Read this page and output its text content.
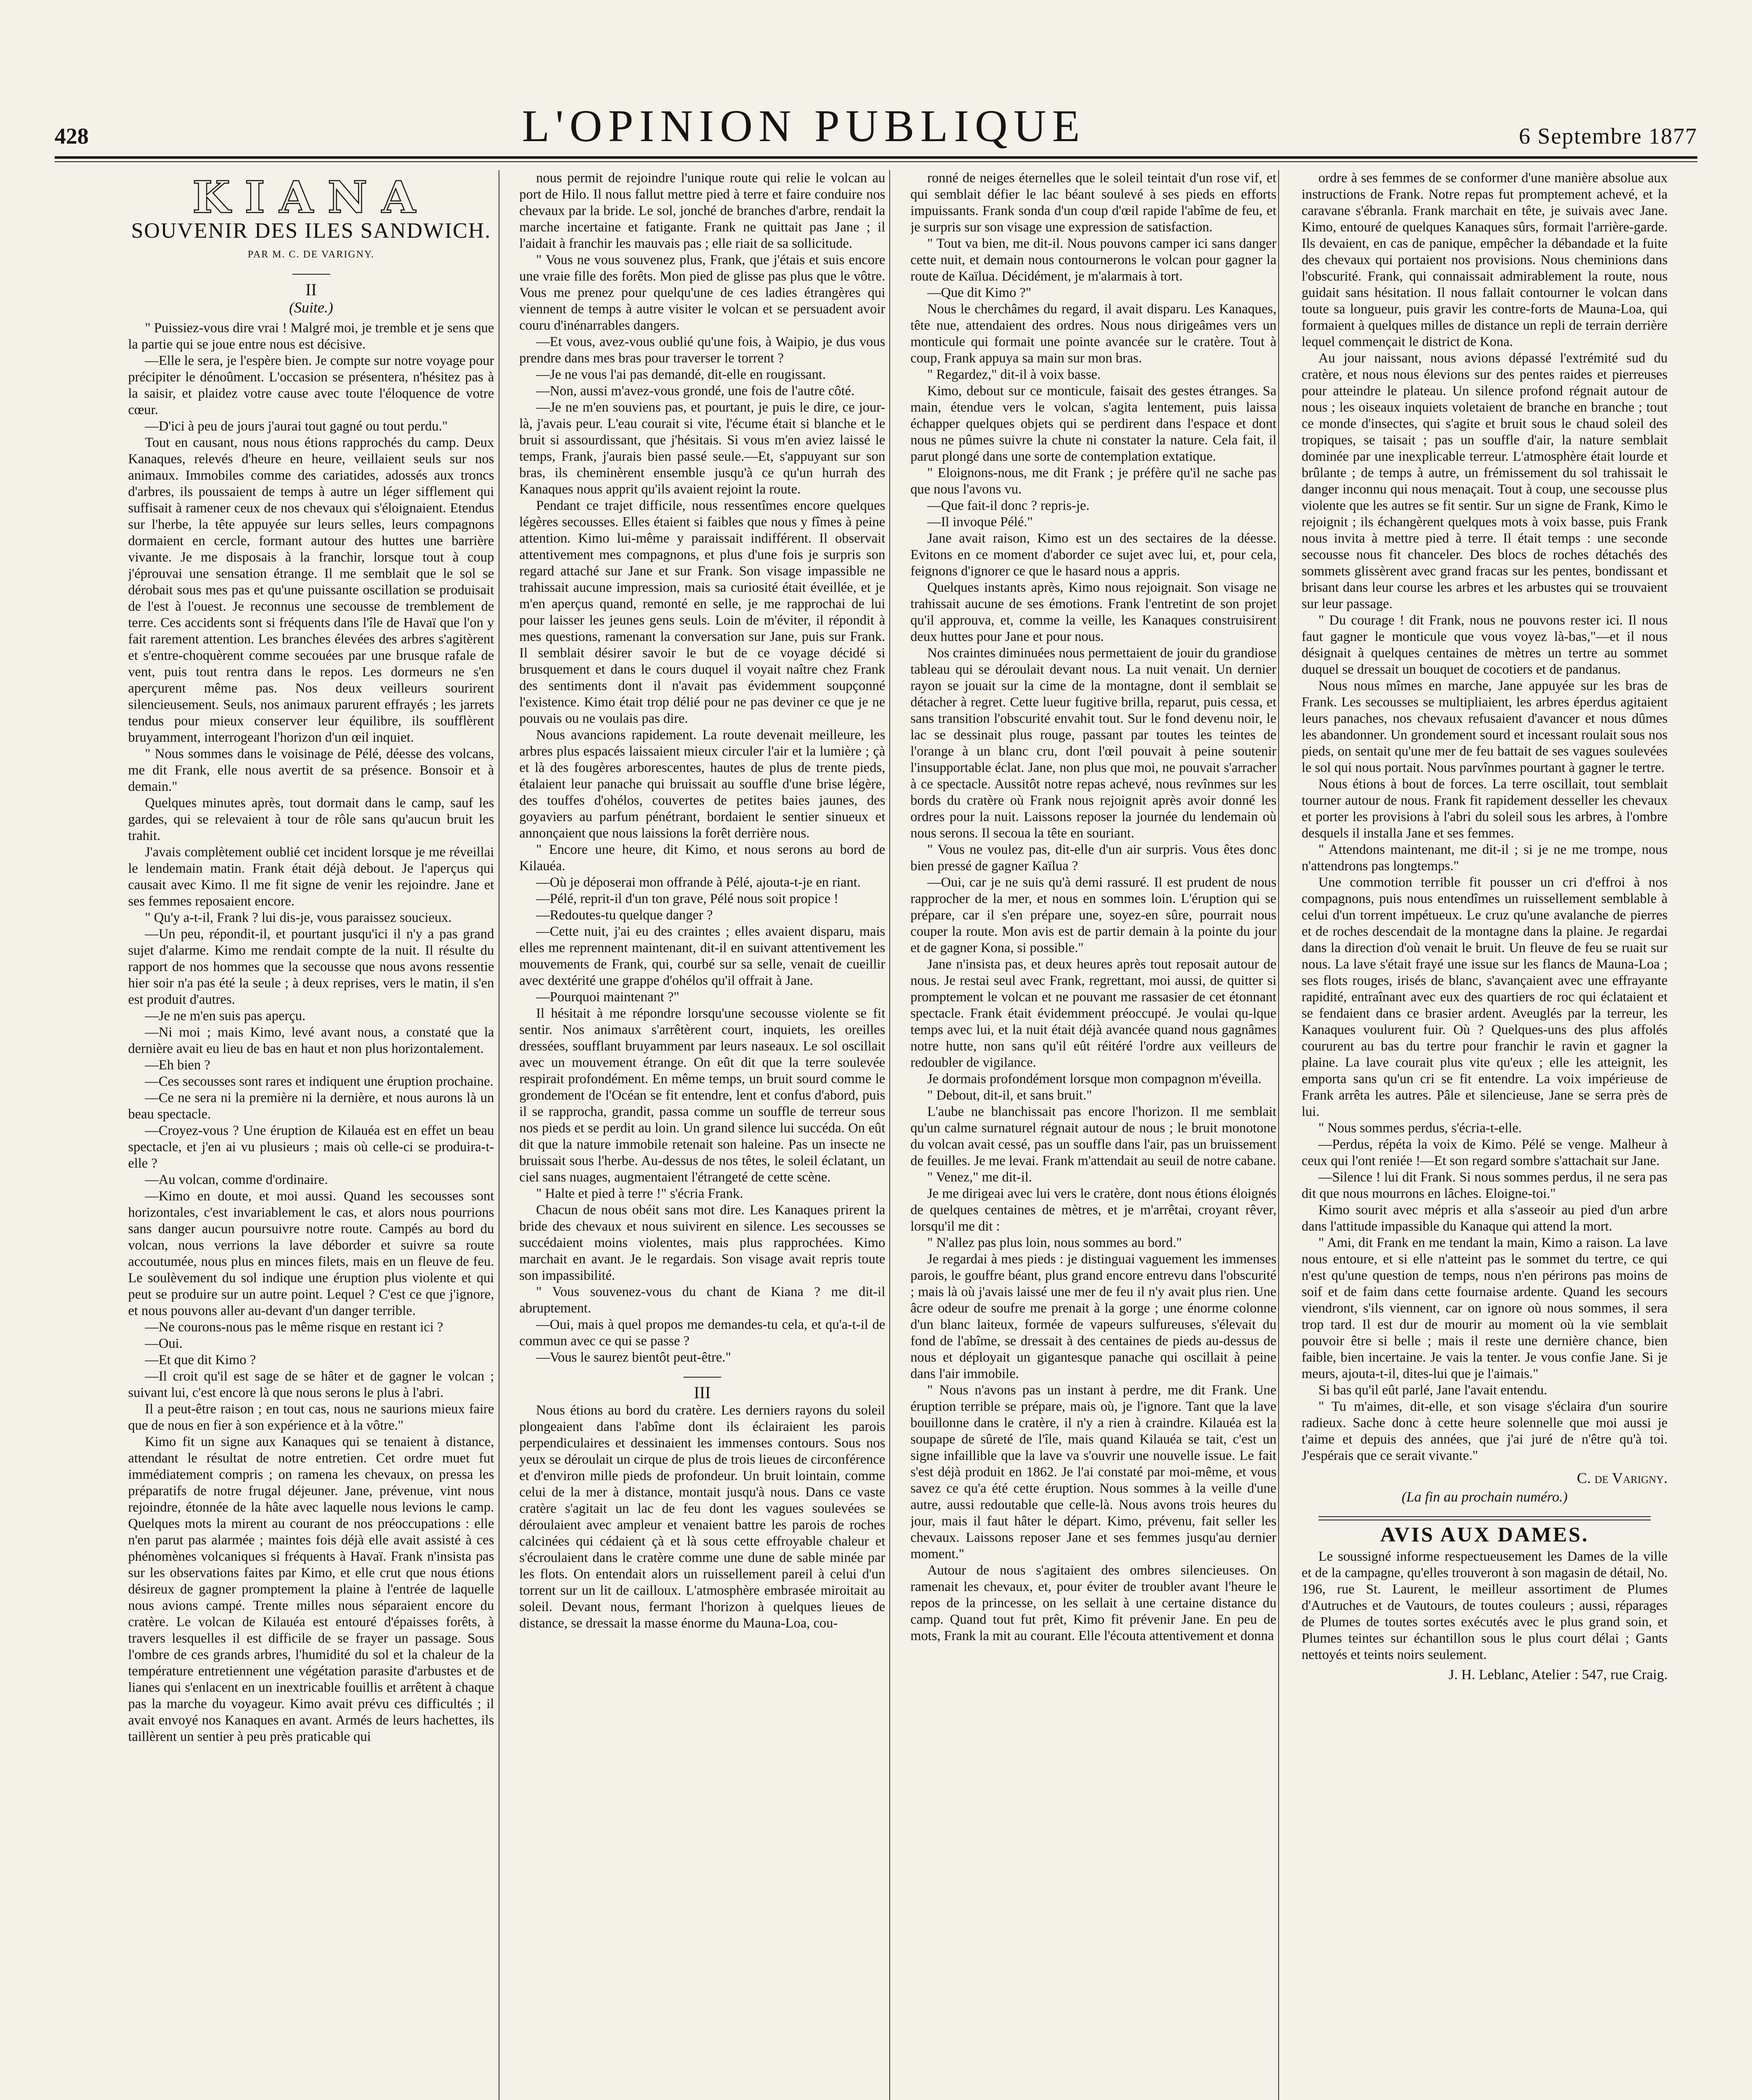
428	L'OPINION PUBLIQUE	6 Septembre 1877
KIANA
SOUVENIR DES ILES SANDWICH.
PAR M. C. DE VARIGNY.
II
(Suite.)

" Puissiez-vous dire vrai ! Malgré moi, je tremble et je sens que la partie qui se joue entre nous est décisive.

—Elle le sera, je l'espère bien. Je compte sur notre voyage pour précipiter le dénoûment. L'occasion se présentera, n'hésitez pas à la saisir, et plaidez votre cause avec toute l'éloquence de votre cœur.

—D'ici à peu de jours j'aurai tout gagné ou tout perdu."

Tout en causant, nous nous étions rapprochés du camp. Deux Kanaques, relevés d'heure en heure, veillaient seuls sur nos animaux. Immobiles comme des cariatides, adossés aux troncs d'arbres, ils poussaient de temps à autre un léger sifflement qui suffisait à ramener ceux de nos chevaux qui s'éloignaient. Etendus sur l'herbe, la tête appuyée sur leurs selles, leurs compagnons dormaient en cercle, formant autour des huttes une barrière vivante. Je me disposais à la franchir, lorsque tout à coup j'éprouvai une sensation étrange. Il me semblait que le sol se dérobait sous mes pas et qu'une puissante oscillation se produisait de l'est à l'ouest. Je reconnus une secousse de tremblement de terre. Ces accidents sont si fréquents dans l'île de Havaï que l'on y fait rarement attention. Les branches élevées des arbres s'agitèrent et s'entre-choquèrent comme secouées par une brusque rafale de vent, puis tout rentra dans le repos. Les dormeurs ne s'en aperçurent même pas. Nos deux veilleurs sourirent silencieusement. Seuls, nos animaux parurent effrayés ; les jarrets tendus pour mieux conserver leur équilibre, ils soufflèrent bruyamment, interrogeant l'horizon d'un œil inquiet.

" Nous sommes dans le voisinage de Pélé, déesse des volcans, me dit Frank, elle nous avertit de sa présence. Bonsoir et à demain."

Quelques minutes après, tout dormait dans le camp, sauf les gardes, qui se relevaient à tour de rôle sans qu'aucun bruit les trahit.

J'avais complètement oublié cet incident lorsque je me réveillai le lendemain matin. Frank était déjà debout. Je l'aperçus qui causait avec Kimo. Il me fit signe de venir les rejoindre. Jane et ses femmes reposaient encore.

" Qu'y a-t-il, Frank ? lui dis-je, vous paraissez soucieux.

—Un peu, répondit-il, et pourtant jusqu'ici il n'y a pas grand sujet d'alarme. Kimo me rendait compte de la nuit. Il résulte du rapport de nos hommes que la secousse que nous avons ressentie hier soir n'a pas été la seule ; à deux reprises, vers le matin, il s'en est produit d'autres.

—Je ne m'en suis pas aperçu.

—Ni moi ; mais Kimo, levé avant nous, a constaté que la dernière avait eu lieu de bas en haut et non plus horizontalement.

—Eh bien ?

—Ces secousses sont rares et indiquent une éruption prochaine.

—Ce ne sera ni la première ni la dernière, et nous aurons là un beau spectacle.

—Croyez-vous ? Une éruption de Kilauéa est en effet un beau spectacle, et j'en ai vu plusieurs ; mais où celle-ci se produira-t-elle ?

—Au volcan, comme d'ordinaire.

—Kimo en doute, et moi aussi. Quand les secousses sont horizontales, c'est invariablement le cas, et alors nous pourrions sans danger aucun poursuivre notre route. Campés au bord du volcan, nous verrions la lave déborder et suivre sa route accoutumée, nous plus en minces filets, mais en un fleuve de feu. Le soulèvement du sol indique une éruption plus violente et qui peut se produire sur un autre point. Lequel ? C'est ce que j'ignore, et nous pouvons aller au-devant d'un danger terrible.

—Ne courons-nous pas le même risque en restant ici ?

—Oui.

—Et que dit Kimo ?

—Il croit qu'il est sage de se hâter et de gagner le volcan ; suivant lui, c'est encore là que nous serons le plus à l'abri.

Il a peut-être raison ; en tout cas, nous ne saurions mieux faire que de nous en fier à son expérience et à la vôtre."

Kimo fit un signe aux Kanaques qui se tenaient à distance, attendant le résultat de notre entretien. Cet ordre muet fut immédiatement compris ; on ramena les chevaux, on pressa les préparatifs de notre frugal déjeuner. Jane, prévenue, vint nous rejoindre, étonnée de la hâte avec laquelle nous levions le camp. Quelques mots la mirent au courant de nos préoccupations : elle n'en parut pas alarmée ; maintes fois déjà elle avait assisté à ces phénomènes volcaniques si fréquents à Havaï. Frank n'insista pas sur les observations faites par Kimo, et elle crut que nous étions désireux de gagner promptement la plaine à l'entrée de laquelle nous avions campé. Trente milles nous séparaient encore du cratère. Le volcan de Kilauéa est entouré d'épaisses forêts, à travers lesquelles il est difficile de se frayer un passage. Sous l'ombre de ces grands arbres, l'humidité du sol et la chaleur de la température entretiennent une végétation parasite d'arbustes et de lianes qui s'enlacent en un inextricable fouillis et arrêtent à chaque pas la marche du voyageur. Kimo avait prévu ces difficultés ; il avait envoyé nos Kanaques en avant. Armés de leurs hachettes, ils taillèrent un sentier à peu près praticable qui

nous permit de rejoindre l'unique route qui relie le volcan au port de Hilo. Il nous fallut mettre pied à terre et faire conduire nos chevaux par la bride. Le sol, jonché de branches d'arbre, rendait la marche incertaine et fatigante. Frank ne quittait pas Jane ; il l'aidait à franchir les mauvais pas ; elle riait de sa sollicitude.

" Vous ne vous souvenez plus, Frank, que j'étais et suis encore une vraie fille des forêts. Mon pied de glisse pas plus que le vôtre. Vous me prenez pour quelqu'une de ces ladies étrangères qui viennent de temps à autre visiter le volcan et se persuadent avoir couru d'inénarrables dangers.

—Et vous, avez-vous oublié qu'une fois, à Waipio, je dus vous prendre dans mes bras pour traverser le torrent ?

—Je ne vous l'ai pas demandé, dit-elle en rougissant.

—Non, aussi m'avez-vous grondé, une fois de l'autre côté.

—Je ne m'en souviens pas, et pourtant, je puis le dire, ce jour-là, j'avais peur. L'eau courait si vite, l'écume était si blanche et le bruit si assourdissant, que j'hésitais. Si vous m'en aviez laissé le temps, Frank, j'aurais bien passé seule.—Et, s'appuyant sur son bras, ils cheminèrent ensemble jusqu'à ce qu'un hurrah des Kanaques nous apprit qu'ils avaient rejoint la route.

Pendant ce trajet difficile, nous ressentîmes encore quelques légères secousses. Elles étaient si faibles que nous y fîmes à peine attention. Kimo lui-même y paraissait indifférent. Il observait attentivement mes compagnons, et plus d'une fois je surpris son regard attaché sur Jane et sur Frank. Son visage impassible ne trahissait aucune impression, mais sa curiosité était éveillée, et je m'en aperçus quand, remonté en selle, je me rapprochai de lui pour laisser les jeunes gens seuls. Loin de m'éviter, il répondit à mes questions, ramenant la conversation sur Jane, puis sur Frank. Il semblait désirer savoir le but de ce voyage décidé si brusquement et dans le cours duquel il voyait naître chez Frank des sentiments dont il n'avait pas évidemment soupçonné l'existence. Kimo était trop délié pour ne pas deviner ce que je ne pouvais ou ne voulais pas dire.

Nous avancions rapidement. La route devenait meilleure, les arbres plus espacés laissaient mieux circuler l'air et la lumière ; çà et là des fougères arborescentes, hautes de plus de trente pieds, étalaient leur panache qui bruissait au souffle d'une brise légère, des touffes d'ohélos, couvertes de petites baies jaunes, des goyaviers au parfum pénétrant, bordaient le sentier sinueux et annonçaient que nous laissions la forêt derrière nous.

" Encore une heure, dit Kimo, et nous serons au bord de Kilauéa.

—Où je déposerai mon offrande à Pélé, ajouta-t-je en riant.

—Pélé, reprit-il d'un ton grave, Pélé nous soit propice !

—Redoutes-tu quelque danger ?

—Cette nuit, j'ai eu des craintes ; elles avaient disparu, mais elles me reprennent maintenant, dit-il en suivant attentivement les mouvements de Frank, qui, courbé sur sa selle, venait de cueillir avec dextérité une grappe d'ohélos qu'il offrait à Jane.

—Pourquoi maintenant ?"

Il hésitait à me répondre lorsqu'une secousse violente se fit sentir. Nos animaux s'arrêtèrent court, inquiets, les oreilles dressées, soufflant bruyamment par leurs naseaux. Le sol oscillait avec un mouvement étrange. On eût dit que la terre soulevée respirait profondément. En même temps, un bruit sourd comme le grondement de l'Océan se fit entendre, lent et confus d'abord, puis il se rapprocha, grandit, passa comme un souffle de terreur sous nos pieds et se perdit au loin. Un grand silence lui succéda. On eût dit que la nature immobile retenait son haleine. Pas un insecte ne bruissait sous l'herbe. Au-dessus de nos têtes, le soleil éclatant, un ciel sans nuages, augmentaient l'étrangeté de cette scène.

" Halte et pied à terre !" s'écria Frank.

Chacun de nous obéit sans mot dire. Les Kanaques prirent la bride des chevaux et nous suivirent en silence. Les secousses se succédaient moins violentes, mais plus rapprochées. Kimo marchait en avant. Je le regardais. Son visage avait repris toute son impassibilité.

" Vous souvenez-vous du chant de Kiana ? me dit-il abruptement.

—Oui, mais à quel propos me demandes-tu cela, et qu'a-t-il de commun avec ce qui se passe ?

—Vous le saurez bientôt peut-être."

III

Nous étions au bord du cratère. Les derniers rayons du soleil plongeaient dans l'abîme dont ils éclairaient les parois perpendiculaires et dessinaient les immenses contours. Sous nos yeux se déroulait un cirque de plus de trois lieues de circonférence et d'environ mille pieds de profondeur. Un bruit lointain, comme celui de la mer à distance, montait jusqu'à nous. Dans ce vaste cratère s'agitait un lac de feu dont les vagues soulevées se déroulaient avec ampleur et venaient battre les parois de roches calcinées qui cédaient çà et là sous cette effroyable chaleur et s'écroulaient dans le cratère comme une dune de sable minée par les flots. On entendait alors un ruissellement pareil à celui d'un torrent sur un lit de cailloux. L'atmosphère embrasée miroitait au soleil. Devant nous, fermant l'horizon à quelques lieues de distance, se dressait la masse énorme du Mauna-Loa, cou-

ronné de neiges éternelles que le soleil teintait d'un rose vif, et qui semblait défier le lac béant soulevé à ses pieds en efforts impuissants. Frank sonda d'un coup d'œil rapide l'abîme de feu, et je surpris sur son visage une expression de satisfaction.

" Tout va bien, me dit-il. Nous pouvons camper ici sans danger cette nuit, et demain nous contournerons le volcan pour gagner la route de Kaïlua. Décidément, je m'alarmais à tort.

—Que dit Kimo ?"

Nous le cherchâmes du regard, il avait disparu. Les Kanaques, tête nue, attendaient des ordres. Nous nous dirigeâmes vers un monticule qui formait une pointe avancée sur le cratère. Tout à coup, Frank appuya sa main sur mon bras.

" Regardez," dit-il à voix basse.

Kimo, debout sur ce monticule, faisait des gestes étranges. Sa main, étendue vers le volcan, s'agita lentement, puis laissa échapper quelques objets qui se perdirent dans l'espace et dont nous ne pûmes suivre la chute ni constater la nature. Cela fait, il parut plongé dans une sorte de contemplation extatique.

" Eloignons-nous, me dit Frank ; je préfère qu'il ne sache pas que nous l'avons vu.

—Que fait-il donc ? repris-je.

—Il invoque Pélé."

Jane avait raison, Kimo est un des sectaires de la déesse. Evitons en ce moment d'aborder ce sujet avec lui, et, pour cela, feignons d'ignorer ce que le hasard nous a appris.

Quelques instants après, Kimo nous rejoignait. Son visage ne trahissait aucune de ses émotions. Frank l'entretint de son projet qu'il approuva, et, comme la veille, les Kanaques construisirent deux huttes pour Jane et pour nous.

Nos craintes diminuées nous permettaient de jouir du grandiose tableau qui se déroulait devant nous. La nuit venait. Un dernier rayon se jouait sur la cime de la montagne, dont il semblait se détacher à regret. Cette lueur fugitive brilla, reparut, puis cessa, et sans transition l'obscurité envahit tout. Sur le fond devenu noir, le lac se dessinait plus rouge, passant par toutes les teintes de l'orange à un blanc cru, dont l'œil pouvait à peine soutenir l'insupportable éclat. Jane, non plus que moi, ne pouvait s'arracher à ce spectacle. Aussitôt notre repas achevé, nous revînmes sur les bords du cratère où Frank nous rejoignit après avoir donné les ordres pour la nuit. Laissons reposer la journée du lendemain où nous serons. Il secoua la tête en souriant.

" Vous ne voulez pas, dit-elle d'un air surpris. Vous êtes donc bien pressé de gagner Kaïlua ?

—Oui, car je ne suis qu'à demi rassuré. Il est prudent de nous rapprocher de la mer, et nous en sommes loin. L'éruption qui se prépare, car il s'en prépare une, soyez-en sûre, pourrait nous couper la route. Mon avis est de partir demain à la pointe du jour et de gagner Kona, si possible."

Jane n'insista pas, et deux heures après tout reposait autour de nous. Je restai seul avec Frank, regrettant, moi aussi, de quitter si promptement le volcan et ne pouvant me rassasier de cet étonnant spectacle. Frank était évidemment préoccupé. Je voulai qu-lque temps avec lui, et la nuit était déjà avancée quand nous gagnâmes notre hutte, non sans qu'il eût réitéré l'ordre aux veilleurs de redoubler de vigilance.

Je dormais profondément lorsque mon compagnon m'éveilla.

" Debout, dit-il, et sans bruit."

L'aube ne blanchissait pas encore l'horizon. Il me semblait qu'un calme surnaturel régnait autour de nous ; le bruit monotone du volcan avait cessé, pas un souffle dans l'air, pas un bruissement de feuilles. Je me levai. Frank m'attendait au seuil de notre cabane.

" Venez," me dit-il.

Je me dirigeai avec lui vers le cratère, dont nous étions éloignés de quelques centaines de mètres, et je m'arrêtai, croyant rêver, lorsqu'il me dit :

" N'allez pas plus loin, nous sommes au bord."

Je regardai à mes pieds : je distinguai vaguement les immenses parois, le gouffre béant, plus grand encore entrevu dans l'obscurité ; mais là où j'avais laissé une mer de feu il n'y avait plus rien. Une âcre odeur de soufre me prenait à la gorge ; une énorme colonne d'un blanc laiteux, formée de vapeurs sulfureuses, s'élevait du fond de l'abîme, se dressait à des centaines de pieds au-dessus de nous et déployait un gigantesque panache qui oscillait à peine dans l'air immobile.

" Nous n'avons pas un instant à perdre, me dit Frank. Une éruption terrible se prépare, mais où, je l'ignore. Tant que la lave bouillonne dans le cratère, il n'y a rien à craindre. Kilauéa est la soupape de sûreté de l'île, mais quand Kilauéa se tait, c'est un signe infaillible que la lave va s'ouvrir une nouvelle issue. Le fait s'est déjà produit en 1862. Je l'ai constaté par moi-même, et vous savez ce qu'a été cette éruption. Nous sommes à la veille d'une autre, aussi redoutable que celle-là. Nous avons trois heures du jour, mais il faut hâter le départ. Kimo, prévenu, fait seller les chevaux. Laissons reposer Jane et ses femmes jusqu'au dernier moment."

Autour de nous s'agitaient des ombres silencieuses. On ramenait les chevaux, et, pour éviter de troubler avant l'heure le repos de la princesse, on les sellait à une certaine distance du camp. Quand tout fut prêt, Kimo fit prévenir Jane. En peu de mots, Frank la mit au courant. Elle l'écouta attentivement et donna

ordre à ses femmes de se conformer d'une manière absolue aux instructions de Frank. Notre repas fut promptement achevé, et la caravane s'ébranla. Frank marchait en tête, je suivais avec Jane. Kimo, entouré de quelques Kanaques sûrs, formait l'arrière-garde. Ils devaient, en cas de panique, empêcher la débandade et la fuite des chevaux qui portaient nos provisions. Nous cheminions dans l'obscurité. Frank, qui connaissait admirablement la route, nous guidait sans hésitation. Il nous fallait contourner le volcan dans toute sa longueur, puis gravir les contre-forts de Mauna-Loa, qui formaient à quelques milles de distance un repli de terrain derrière lequel commençait le district de Kona.

Au jour naissant, nous avions dépassé l'extrémité sud du cratère, et nous nous élevions sur des pentes raides et pierreuses pour atteindre le plateau. Un silence profond régnait autour de nous ; les oiseaux inquiets voletaient de branche en branche ; tout ce monde d'insectes, qui s'agite et bruit sous le chaud soleil des tropiques, se taisait ; pas un souffle d'air, la nature semblait dominée par une inexplicable terreur. L'atmosphère était lourde et brûlante ; de temps à autre, un frémissement du sol trahissait le danger inconnu qui nous menaçait. Tout à coup, une secousse plus violente que les autres se fit sentir. Sur un signe de Frank, Kimo le rejoignit ; ils échangèrent quelques mots à voix basse, puis Frank nous invita à mettre pied à terre. Il était temps : une seconde secousse nous fit chanceler. Des blocs de roches détachés des sommets glissèrent avec grand fracas sur les pentes, bondissant et brisant dans leur course les arbres et les arbustes qui se trouvaient sur leur passage.

" Du courage ! dit Frank, nous ne pouvons rester ici. Il nous faut gagner le monticule que vous voyez là-bas,"—et il nous désignait à quelques centaines de mètres un tertre au sommet duquel se dressait un bouquet de cocotiers et de pandanus.

Nous nous mîmes en marche, Jane appuyée sur les bras de Frank. Les secousses se multipliaient, les arbres éperdus agitaient leurs panaches, nos chevaux refusaient d'avancer et nous dûmes les abandonner. Un grondement sourd et incessant roulait sous nos pieds, on sentait qu'une mer de feu battait de ses vagues soulevées le sol qui nous portait. Nous parvînmes pourtant à gagner le tertre.

Nous étions à bout de forces. La terre oscillait, tout semblait tourner autour de nous. Frank fit rapidement desseller les chevaux et porter les provisions à l'abri du soleil sous les arbres, à l'ombre desquels il installa Jane et ses femmes.

" Attendons maintenant, me dit-il ; si je ne me trompe, nous n'attendrons pas longtemps."

Une commotion terrible fit pousser un cri d'effroi à nos compagnons, puis nous entendîmes un ruissellement semblable à celui d'un torrent impétueux. Le cruz qu'une avalanche de pierres et de roches descendait de la montagne dans la plaine. Je regardai dans la direction d'où venait le bruit. Un fleuve de feu se ruait sur nous. La lave s'était frayé une issue sur les flancs de Mauna-Loa ; ses flots rouges, irisés de blanc, s'avançaient avec une effrayante rapidité, entraînant avec eux des quartiers de roc qui éclataient et se fendaient dans ce brasier ardent. Aveuglés par la terreur, les Kanaques voulurent fuir. Où ? Quelques-uns des plus affolés coururent au bas du tertre pour franchir le ravin et gagner la plaine. La lave courait plus vite qu'eux ; elle les atteignit, les emporta sans qu'un cri se fit entendre. La voix impérieuse de Frank arrêta les autres. Pâle et silencieuse, Jane se serra près de lui.

" Nous sommes perdus, s'écria-t-elle.

—Perdus, répéta la voix de Kimo. Pélé se venge. Malheur à ceux qui l'ont reniée !—Et son regard sombre s'attachait sur Jane.

—Silence ! lui dit Frank. Si nous sommes perdus, il ne sera pas dit que nous mourrons en lâches. Eloigne-toi."

Kimo sourit avec mépris et alla s'asseoir au pied d'un arbre dans l'attitude impassible du Kanaque qui attend la mort.

" Ami, dit Frank en me tendant la main, Kimo a raison. La lave nous entoure, et si elle n'atteint pas le sommet du tertre, ce qui n'est qu'une question de temps, nous n'en périrons pas moins de soif et de faim dans cette fournaise ardente. Quand les secours viendront, s'ils viennent, car on ignore où nous sommes, il sera trop tard. Il est dur de mourir au moment où la vie semblait pouvoir être si belle ; mais il reste une dernière chance, bien faible, bien incertaine. Je vais la tenter. Je vous confie Jane. Si je meurs, ajouta-t-il, dites-lui que je l'aimais."

Si bas qu'il eût parlé, Jane l'avait entendu.

" Tu m'aimes, dit-elle, et son visage s'éclaira d'un sourire radieux. Sache donc à cette heure solennelle que moi aussi je t'aime et depuis des années, que j'ai juré de n'être qu'à toi. J'espérais que ce serait vivante."

C. de Varigny.
(La fin au prochain numéro.)
AVIS AUX DAMES.

Le soussigné informe respectueusement les Dames de la ville et de la campagne, qu'elles trouveront à son magasin de détail, No. 196, rue St. Laurent, le meilleur assortiment de Plumes d'Autruches et de Vautours, de toutes couleurs ; aussi, réparages de Plumes de toutes sortes exécutés avec le plus grand soin, et Plumes teintes sur échantillon sous le plus court délai ; Gants nettoyés et teints noirs seulement.

J. H. Leblanc, Atelier : 547, rue Craig.
